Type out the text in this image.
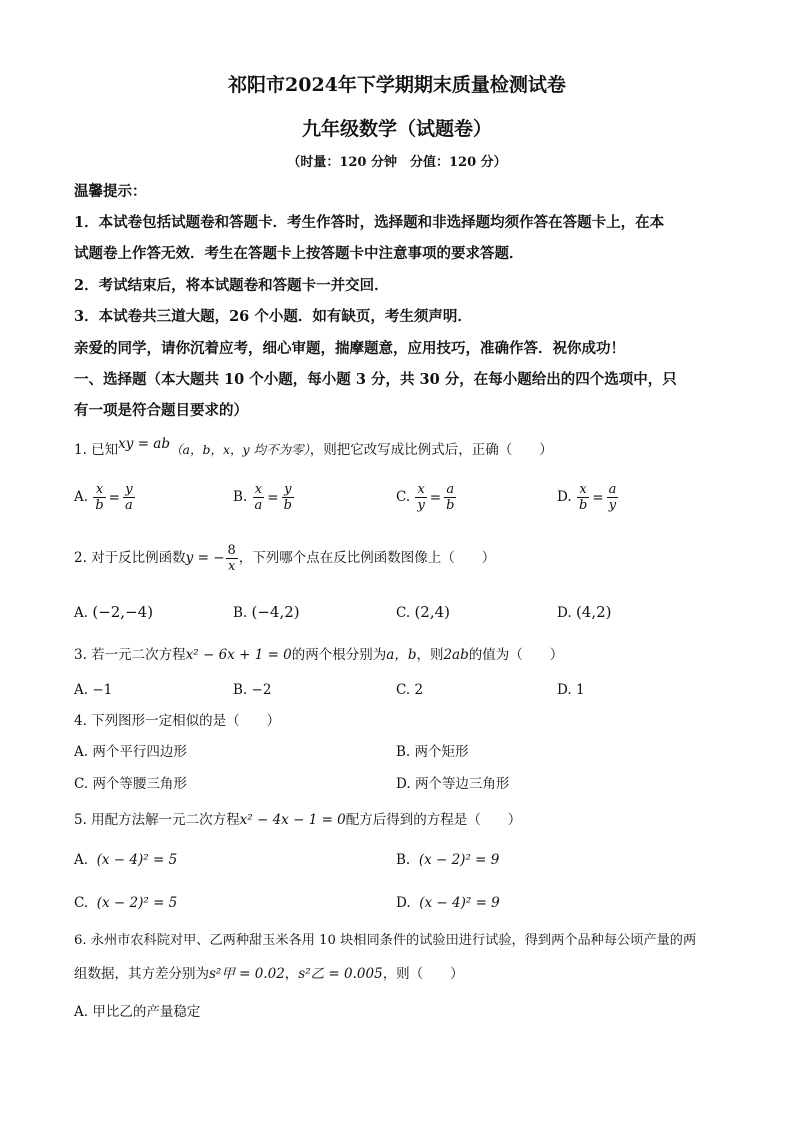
祁阳市2024年下学期期末质量检测试卷
九年级数学（试题卷）
（时量：120 分钟　分值：120 分）
温馨提示：
1．本试卷包括试题卷和答题卡．考生作答时，选择题和非选择题均须作答在答题卡上，在本
试题卷上作答无效．考生在答题卡上按答题卡中注意事项的要求答题．
2．考试结束后，将本试题卷和答题卡一并交回．
3．本试卷共三道大题，26 个小题．如有缺页，考生须声明．
亲爱的同学，请你沉着应考，细心审题，揣摩题意，应用技巧，准确作答．祝你成功！
一、选择题（本大题共 10 个小题，每小题 3 分，共 30 分，在每小题给出的四个选项中，只
有一项是符合题目要求的）
1. 已知xy = ab（a，b，x，y 均不为零），则把它改写成比例式后，正确（　　）
A. $\frac{x}{b} = \frac{y}{a}$	B. $\frac{x}{a} = \frac{y}{b}$	C. $\frac{x}{y} = \frac{a}{b}$	D. $\frac{x}{b} = \frac{a}{y}$
2. 对于反比例函数y = − $\frac{8}{x}$ ，下列哪个点在反比例函数图像上（　　）
A. (−2,−4)	B. (−4,2)	C. (2,4)	D. (4,2)
3. 若一元二次方程x² − 6x + 1 = 0的两个根分别为a，b，则2ab的值为（　　）
A. −1	B. −2	C. 2	D. 1
4. 下列图形一定相似的是（　　）
A. 两个平行四边形	B. 两个矩形
C. 两个等腰三角形	D. 两个等边三角形
5. 用配方法解一元二次方程x² − 4x − 1 = 0配方后得到的方程是（　　）
A. (x − 4)² = 5	B. (x − 2)² = 9
C. (x − 2)² = 5	D. (x − 4)² = 9
6. 永州市农科院对甲、乙两种甜玉米各用 10 块相同条件的试验田进行试验，得到两个品种每公顷产量的两
组数据，其方差分别为s²甲 = 0.02，s²乙 = 0.005，则（　　）
A. 甲比乙的产量稳定
